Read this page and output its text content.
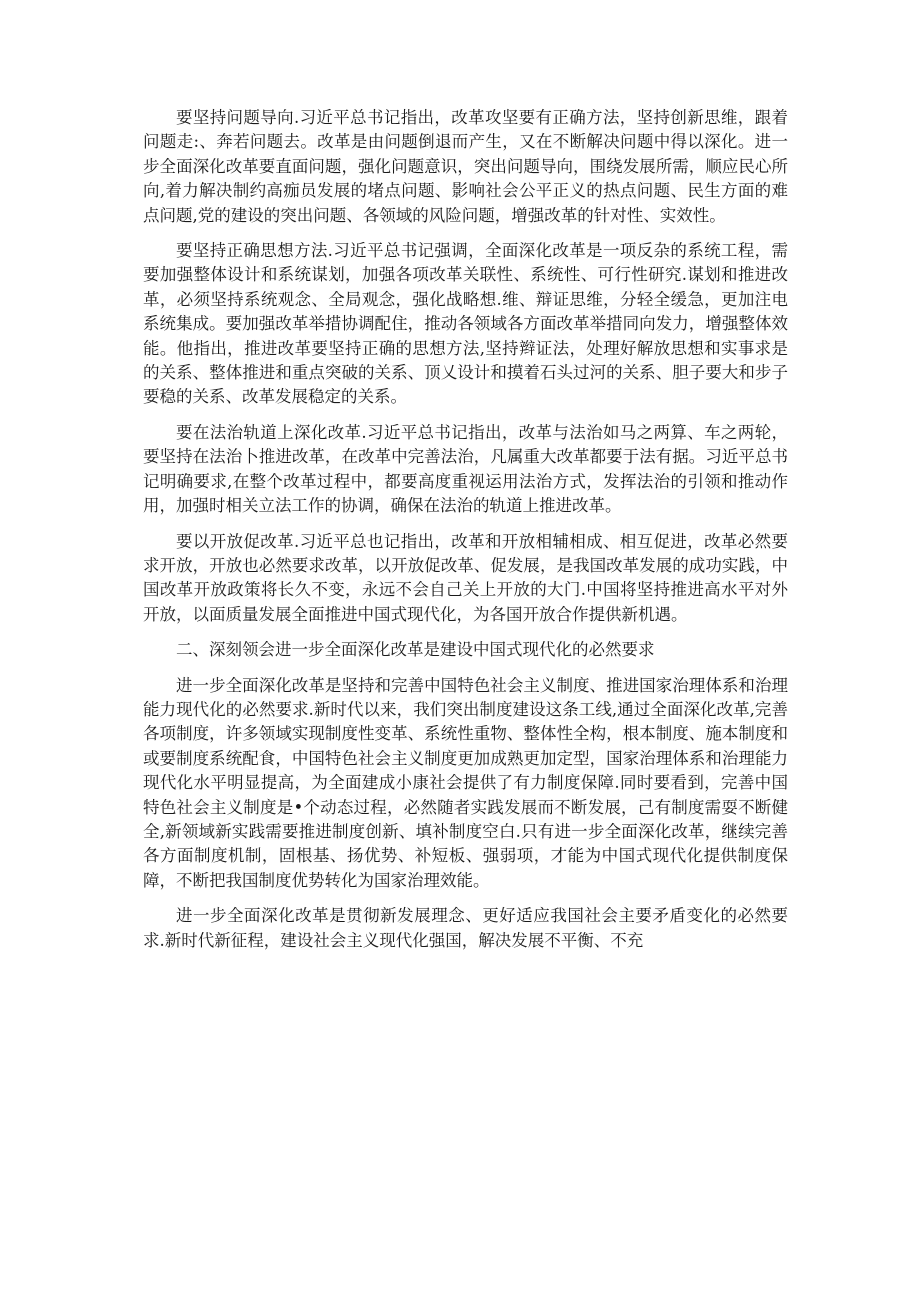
要坚持问题导向.习近平总书记指出，改革攻坚要有正确方法，坚持创新思维，跟着问题走:、奔若问题去。改革是由问题倒退而产生，又在不断解决问题中得以深化。进一步全面深化改革要直面问题，强化问题意识，突出问题导向，围绕发展所需，顺应民心所向,着力解决制约高痂员发展的堵点问题、影响社会公平正义的热点问题、民生方面的难点问题,党的建设的突出问题、各领域的风险问题，增强改革的针对性、实效性。

要坚持正确思想方法.习近平总书记强调，全面深化改革是一项反杂的系统工程，需要加强整体设计和系统谋划，加强各项改革关联性、系统性、可行性研究.谋划和推进改革，必须坚持系统观念、全局观念，强化战略想.维、辩证思维，分轻全缓急，更加注电系统集成。要加强改革举措协调配住，推动各领域各方面改革举措同向发力，增强整体效能。他指出，推进改革要坚持正确的思想方法,坚持辫证法，处理好解放思想和实事求是的关系、整体推进和重点突破的关系、顶乂设计和摸着石头过河的关系、胆子要大和步子要稳的关系、改革发展稳定的关系。

要在法治轨道上深化改革.习近平总书记指出，改革与法治如马之两算、车之两轮，要坚持在法治卜推进改革，在改革中完善法治，凡属重大改革都要于法有据。习近平总书记明确要求,在整个改革过程中，都要高度重视运用法治方式，发挥法治的引领和推动作用，加强时相关立法工作的协调，确保在法治的轨道上推进改革。

要以开放促改革.习近平总也记指出，改革和开放相辅相成、相互促进，改革必然要求开放，开放也必然要求改革，以开放促改革、促发展，是我国改革发展的成功实践，中国改革开放政策将长久不变，永远不会自己关上开放的大门.中国将坚持推进高水平对外开放，以面质量发展全面推进中国式现代化，为各国开放合作提供新机遇。

二、深刻领会进一步全面深化改革是建设中国式现代化的必然要求

进一步全面深化改革是坚持和完善中国特色社会主义制度、推进国家治理体系和治理能力现代化的必然要求.新时代以来，我们突出制度建设这条工线,通过全面深化改革,完善各项制度，许多领域实现制度性变革、系统性重物、整体性全构，根本制度、施本制度和或要制度系统配食，中国特色社会主义制度更加成熟更加定型，国家治理体系和治理能力现代化水平明显提高，为全面建成小康社会提供了有力制度保障.同时要看到，完善中国特色社会主义制度是•个动态过程，必然随者实践发展而不断发展，己有制度需耍不断健全,新领域新实践需要推进制度创新、填补制度空白.只有进一步全面深化改革，继续完善各方面制度机制，固根基、扬优势、补短板、强弱项，才能为中国式现代化提供制度保障，不断把我国制度优势转化为国家治理效能。

进一步全面深化改革是贯彻新发展理念、更好适应我国社会主要矛盾变化的必然要求.新时代新征程，建设社会主义现代化强国，解决发展不平衡、不充
